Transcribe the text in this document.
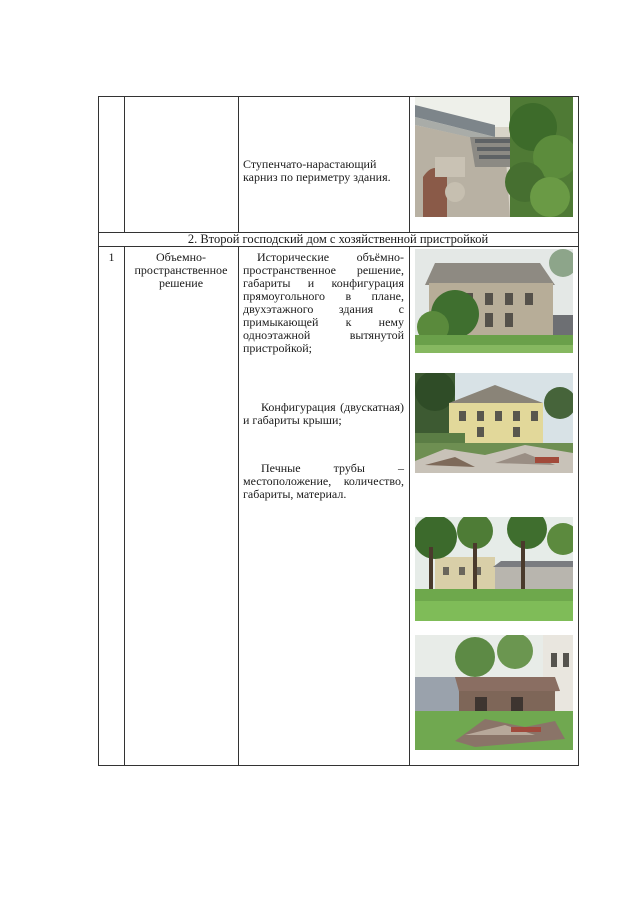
Ступенчато-нарастающий карниз по периметру здания.
2. Второй господский дом с хозяйственной пристройкой
1	Объемно-пространственное решение
Исторические объёмно-пространственное решение, габариты и конфигурация прямоугольного в плане, двухэтажного здания с примыкающей к нему одноэтажной вытянутой пристройкой;
Конфигурация (двускатная) и габариты крыши;
Печные трубы – местоположение, количество, габариты, материал.
